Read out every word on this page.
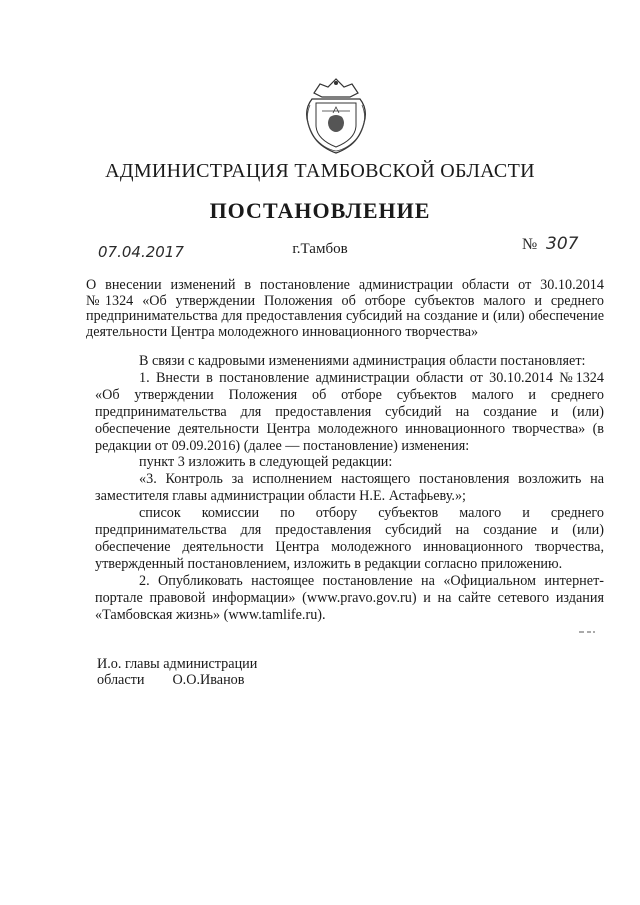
АДМИНИСТРАЦИЯ ТАМБОВСКОЙ ОБЛАСТИ
ПОСТАНОВЛЕНИЕ
07.04.2017	г.Тамбов	№ 307
О внесении изменений в постановление администрации области от 30.10.2014 №1324 «Об утверждении Положения об отборе субъектов малого и среднего предпринимательства для предоставления субсидий на создание и (или) обеспечение деятельности Центра молодежного инновационного творчества»

В связи с кадровыми изменениями администрация области постановляет:

1. Внести в постановление администрации области от 30.10.2014 №1324 «Об утверждении Положения об отборе субъектов малого и среднего предпринимательства для предоставления субсидий на создание и (или) обеспечение деятельности Центра молодежного инновационного творчества» (в редакции от 09.09.2016) (далее — постановление) изменения:

пункт 3 изложить в следующей редакции:

«3. Контроль за исполнением настоящего постановления возложить на заместителя главы администрации области Н.Е. Астафьеву.»;

список комиссии по отбору субъектов малого и среднего предпринимательства для предоставления субсидий на создание и (или) обеспечение деятельности Центра молодежного инновационного творчества, утвержденный постановлением, изложить в редакции согласно приложению.

2. Опубликовать настоящее постановление на «Официальном интернет-портале правовой информации» (www.pravo.gov.ru) и на сайте сетевого издания «Тамбовская жизнь» (www.tamlife.ru).

И.о. главы администрации
области О.О.Иванов
